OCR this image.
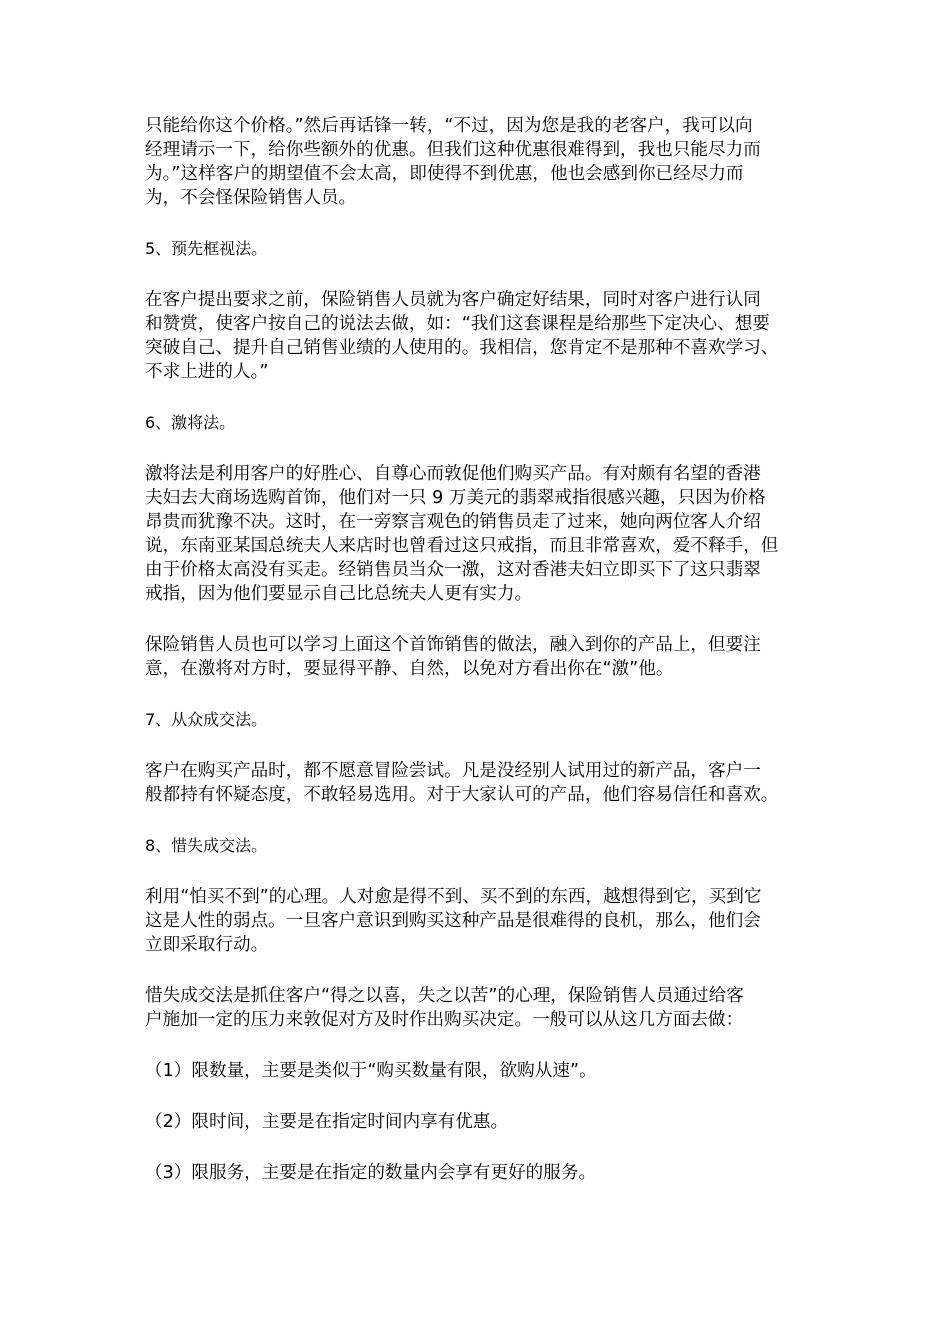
只能给你这个价格。”然后再话锋一转，“不过，因为您是我的老客户，我可以向
经理请示一下，给你些额外的优惠。但我们这种优惠很难得到，我也只能尽力而
为。”这样客户的期望值不会太高，即使得不到优惠，他也会感到你已经尽力而
为，不会怪保险销售人员。
5、预先框视法。
在客户提出要求之前，保险销售人员就为客户确定好结果，同时对客户进行认同
和赞赏，使客户按自己的说法去做，如：“我们这套课程是给那些下定决心、想要
突破自己、提升自己销售业绩的人使用的。我相信，您肯定不是那种不喜欢学习、
不求上进的人。”
6、激将法。
激将法是利用客户的好胜心、自尊心而敦促他们购买产品。有对颇有名望的香港
夫妇去大商场选购首饰，他们对一只 9 万美元的翡翠戒指很感兴趣，只因为价格
昂贵而犹豫不决。这时，在一旁察言观色的销售员走了过来，她向两位客人介绍
说，东南亚某国总统夫人来店时也曾看过这只戒指，而且非常喜欢，爱不释手，但
由于价格太高没有买走。经销售员当众一激，这对香港夫妇立即买下了这只翡翠
戒指，因为他们要显示自己比总统夫人更有实力。
保险销售人员也可以学习上面这个首饰销售的做法，融入到你的产品上，但要注
意，在激将对方时，要显得平静、自然，以免对方看出你在“激”他。
7、从众成交法。
客户在购买产品时，都不愿意冒险尝试。凡是没经别人试用过的新产品，客户一
般都持有怀疑态度，不敢轻易选用。对于大家认可的产品，他们容易信任和喜欢。
8、惜失成交法。
利用“怕买不到”的心理。人对愈是得不到、买不到的东西，越想得到它，买到它
这是人性的弱点。一旦客户意识到购买这种产品是很难得的良机，那么，他们会
立即采取行动。
惜失成交法是抓住客户“得之以喜，失之以苦”的心理，保险销售人员通过给客
户施加一定的压力来敦促对方及时作出购买决定。一般可以从这几方面去做：
（1）限数量，主要是类似于“购买数量有限，欲购从速”。
（2）限时间，主要是在指定时间内享有优惠。
（3）限服务，主要是在指定的数量内会享有更好的服务。
